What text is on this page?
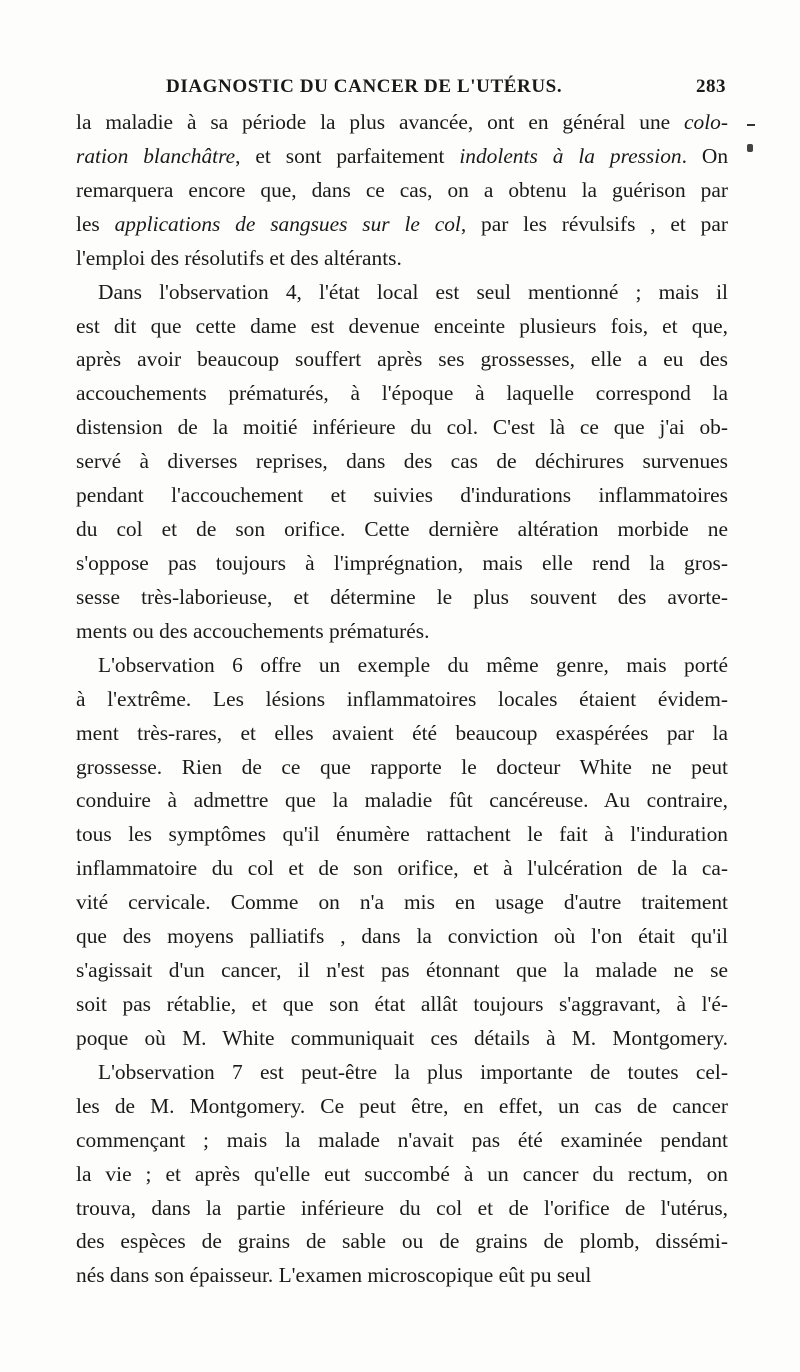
DIAGNOSTIC DU CANCER DE L'UTÉRUS.	283
la maladie à sa période la plus avancée, ont en général une colo-
ration blanchâtre, et sont parfaitement indolents à la pression. On
remarquera encore que, dans ce cas, on a obtenu la guérison par
les applications de sangsues sur le col, par les révulsifs , et par
l'emploi des résolutifs et des altérants.
Dans l'observation 4, l'état local est seul mentionné ; mais il
est dit que cette dame est devenue enceinte plusieurs fois, et que,
après avoir beaucoup souffert après ses grossesses, elle a eu des
accouchements prématurés, à l'époque à laquelle correspond la
distension de la moitié inférieure du col. C'est là ce que j'ai ob-
servé à diverses reprises, dans des cas de déchirures survenues
pendant l'accouchement et suivies d'indurations inflammatoires
du col et de son orifice. Cette dernière altération morbide ne
s'oppose pas toujours à l'imprégnation, mais elle rend la gros-
sesse très-laborieuse, et détermine le plus souvent des avorte-
ments ou des accouchements prématurés.
L'observation 6 offre un exemple du même genre, mais porté
à l'extrême. Les lésions inflammatoires locales étaient évidem-
ment très-rares, et elles avaient été beaucoup exaspérées par la
grossesse. Rien de ce que rapporte le docteur White ne peut
conduire à admettre que la maladie fût cancéreuse. Au contraire,
tous les symptômes qu'il énumère rattachent le fait à l'induration
inflammatoire du col et de son orifice, et à l'ulcération de la ca-
vité cervicale. Comme on n'a mis en usage d'autre traitement
que des moyens palliatifs , dans la conviction où l'on était qu'il
s'agissait d'un cancer, il n'est pas étonnant que la malade ne se
soit pas rétablie, et que son état allât toujours s'aggravant, à l'é-
poque où M. White communiquait ces détails à M. Montgomery.
L'observation 7 est peut-être la plus importante de toutes cel-
les de M. Montgomery. Ce peut être, en effet, un cas de cancer
commençant ; mais la malade n'avait pas été examinée pendant
la vie ; et après qu'elle eut succombé à un cancer du rectum, on
trouva, dans la partie inférieure du col et de l'orifice de l'utérus,
des espèces de grains de sable ou de grains de plomb, dissémi-
nés dans son épaisseur. L'examen microscopique eût pu seul
